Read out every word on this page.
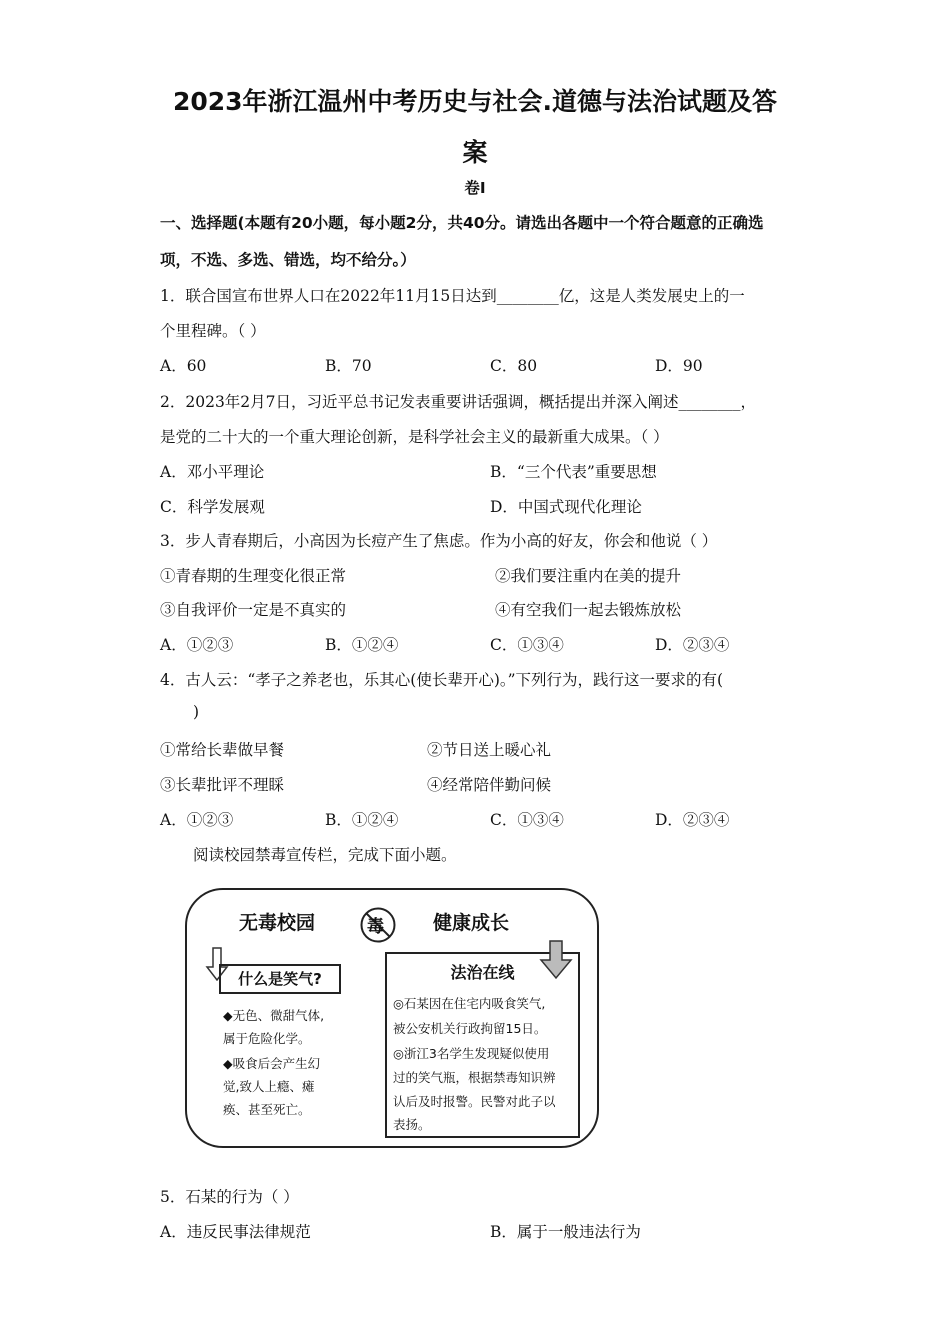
2023年浙江温州中考历史与社会.道德与法治试题及答
案
卷Ⅰ
一、选择题(本题有20小题，每小题2分，共40分。请选出各题中一个符合题意的正确选
项，不选、多选、错选，均不给分。）
1．联合国宣布世界人口在2022年11月15日达到________亿，这是人类发展史上的一
个里程碑。（ ）
A．60	B．70	C．80	D．90
2．2023年2月7日，习近平总书记发表重要讲话强调，概括提出并深入阐述________，
是党的二十大的一个重大理论创新，是科学社会主义的最新重大成果。（ ）
A．邓小平理论	B．“三个代表”重要思想
C．科学发展观	D．中国式现代化理论
3．步人青春期后，小高因为长痘产生了焦虑。作为小高的好友，你会和他说（ ）
①青春期的生理变化很正常	②我们要注重内在美的提升
③自我评价一定是不真实的	④有空我们一起去锻炼放松
A．①②③	B．①②④	C．①③④	D．②③④
4．古人云：“孝子之养老也，乐其心(使长辈开心)。”下列行为，践行这一要求的有(
)
①常给长辈做早餐	②节日送上暖心礼
③长辈批评不理睬	④经常陪伴勤问候
A．①②③	B．①②④	C．①③④	D．②③④
阅读校园禁毒宣传栏，完成下面小题。
无毒校园	毒	健康成长
什么是笑气?
◆无色、微甜气体,
属于危险化学。
◆吸食后会产生幻
觉,致人上瘾、瘫
痪、甚至死亡。
法治在线
◎石某因在住宅内吸食笑气,
被公安机关行政拘留15日。
◎浙江3名学生发现疑似使用
过的笑气瓶，根据禁毒知识辨
认后及时报警。民警对此子以
表扬。
5．石某的行为（ ）
A．违反民事法律规范	B．属于一般违法行为
